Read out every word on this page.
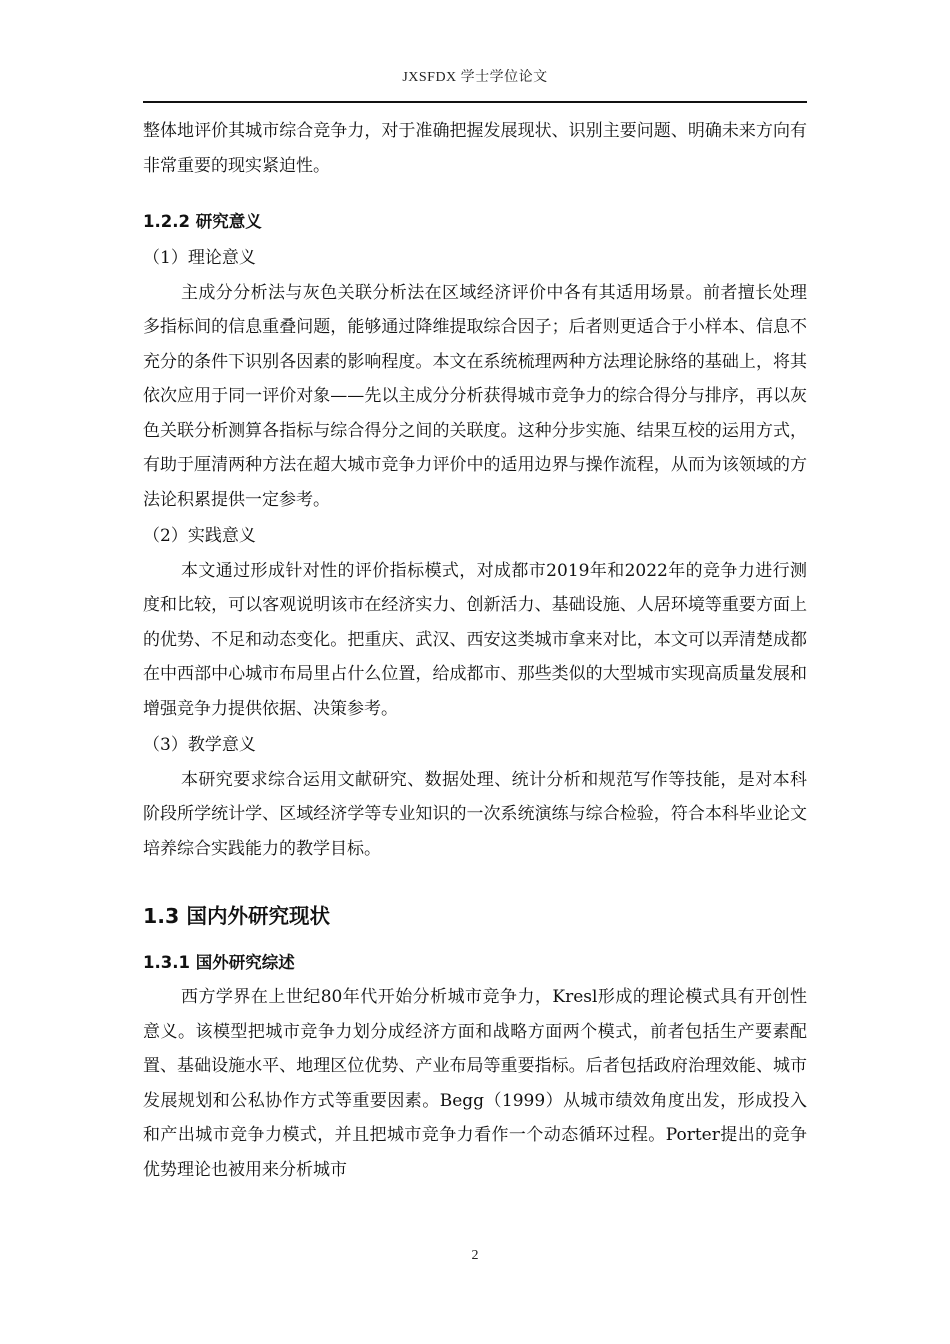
JXSFDX 学士学位论文

整体地评价其城市综合竞争力，对于准确把握发展现状、识别主要问题、明确未来方向有非常重要的现实紧迫性。

1.2.2 研究意义

（1）理论意义

主成分分析法与灰色关联分析法在区域经济评价中各有其适用场景。前者擅长处理多指标间的信息重叠问题，能够通过降维提取综合因子；后者则更适合于小样本、信息不充分的条件下识别各因素的影响程度。本文在系统梳理两种方法理论脉络的基础上，将其依次应用于同一评价对象——先以主成分分析获得城市竞争力的综合得分与排序，再以灰色关联分析测算各指标与综合得分之间的关联度。这种分步实施、结果互校的运用方式，有助于厘清两种方法在超大城市竞争力评价中的适用边界与操作流程，从而为该领域的方法论积累提供一定参考。

（2）实践意义

本文通过形成针对性的评价指标模式，对成都市2019年和2022年的竞争力进行测度和比较，可以客观说明该市在经济实力、创新活力、基础设施、人居环境等重要方面上的优势、不足和动态变化。把重庆、武汉、西安这类城市拿来对比，本文可以弄清楚成都在中西部中心城市布局里占什么位置，给成都市、那些类似的大型城市实现高质量发展和增强竞争力提供依据、决策参考。

（3）教学意义

本研究要求综合运用文献研究、数据处理、统计分析和规范写作等技能，是对本科阶段所学统计学、区域经济学等专业知识的一次系统演练与综合检验，符合本科毕业论文培养综合实践能力的教学目标。

1.3 国内外研究现状
1.3.1 国外研究综述

西方学界在上世纪80年代开始分析城市竞争力，Kresl形成的理论模式具有开创性意义。该模型把城市竞争力划分成经济方面和战略方面两个模式，前者包括生产要素配置、基础设施水平、地理区位优势、产业布局等重要指标。后者包括政府治理效能、城市发展规划和公私协作方式等重要因素。Begg（1999）从城市绩效角度出发，形成投入和产出城市竞争力模式，并且把城市竞争力看作一个动态循环过程。Porter提出的竞争优势理论也被用来分析城市

2
